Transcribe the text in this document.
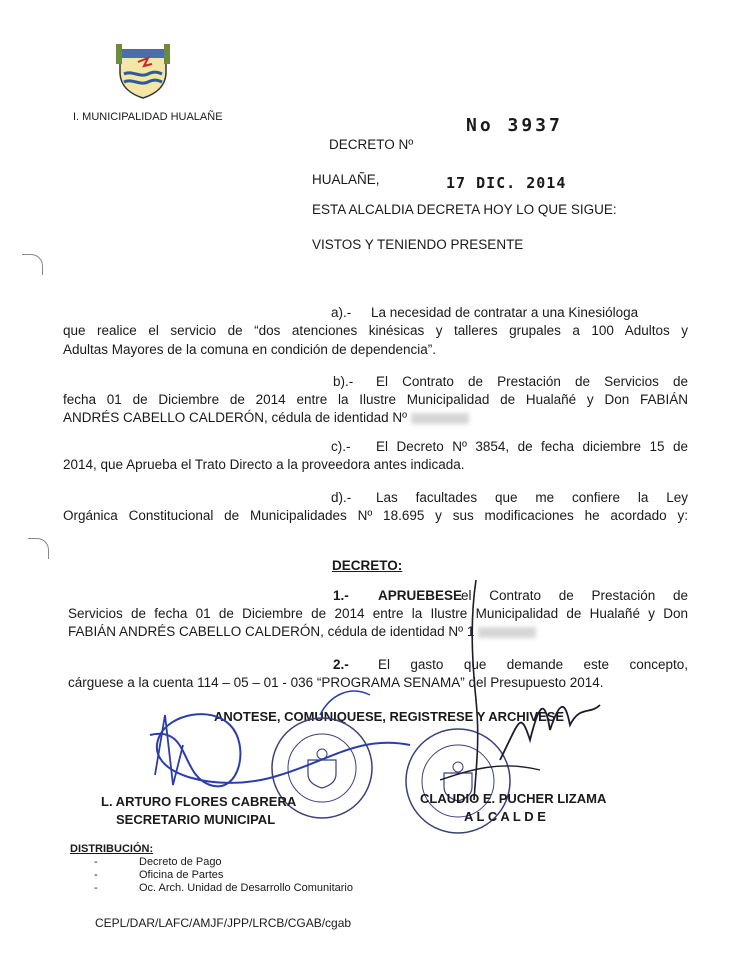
I. MUNICIPALIDAD HUALAÑE
DECRETO Nº
No 3937
HUALAÑE,	17 DIC. 2014
ESTA ALCALDIA DECRETA HOY LO QUE SIGUE:
VISTOS Y TENIENDO PRESENTE
a).- La necesidad de contratar a una Kinesióloga
que realice el servicio de “dos atenciones kinésicas y talleres grupales a 100 Adultos y
Adultas Mayores de la comuna en condición de dependencia”.
b).- El Contrato de Prestación de Servicios de
fecha 01 de Diciembre de 2014 entre la Ilustre Municipalidad de Hualañé y Don FABIÁN
ANDRÉS CABELLO CALDERÓN, cédula de identidad Nº
c).- El Decreto Nº 3854, de fecha diciembre 15 de
2014, que Aprueba el Trato Directo a la proveedora antes indicada.
d).- Las facultades que me confiere la Ley
Orgánica Constitucional de Municipalidades Nº 18.695 y sus modificaciones he acordado y:
DECRETO:
1.- APRUEBESE
el Contrato de Prestación de
Servicios de fecha 01 de Diciembre de 2014 entre la Ilustre Municipalidad de Hualañé y Don
FABIÁN ANDRÉS CABELLO CALDERÓN, cédula de identidad Nº 1
2.- El gasto que demande este concepto,
cárguese a la cuenta 114 – 05 – 01 - 036 “PROGRAMA SENAMA” del Presupuesto 2014.
ANOTESE, COMUNIQUESE, REGISTRESE Y ARCHIVESE
L. ARTURO FLORES CABRERA
SECRETARIO MUNICIPAL
CLAUDIO E. PUCHER LIZAMA
A L C A L D E
DISTRIBUCIÓN:
- Decreto de Pago
- Oficina de Partes
- Oc. Arch. Unidad de Desarrollo Comunitario
CEPL/DAR/LAFC/AMJF/JPP/LRCB/CGAB/cgab
